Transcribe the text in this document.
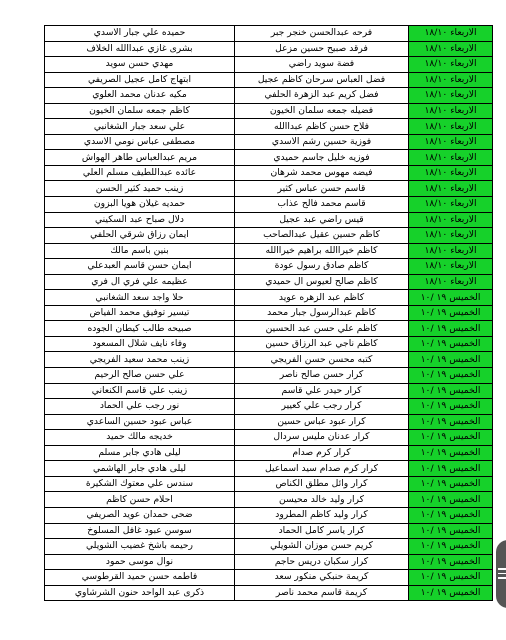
حميده علي جبار الاسدي	فرحه عبدالحسن خنجر جبر	الاربعاء ١٨/١٠
بشرى غازي عبداالله الخلاف	فرقد صبيح حسين مزعل	الاربعاء ١٨/١٠
مهدي حسن سويد	فضة سويد راضي	الاربعاء ١٨/١٠
ابتهاج كامل عجيل الصريفي	فضل العباس سرحان كاظم عجيل	الاربعاء ١٨/١٠
مكيه عدنان محمد العلوي	فضل كريم عبد الزهرة الحلفي	الاربعاء ١٨/١٠
كاظم جمعه سلمان الخيون	فضيله جمعه سلمان الخيون	الاربعاء ١٨/١٠
علي سعد جبار الشغانبي	فلاح حسن كاظم عبداالله	الاربعاء ١٨/١٠
مصطفى عباس نومي الاسدي	فوزية حسين رشم الاسدي	الاربعاء ١٨/١٠
مريم عبدالعباس طاهر الهواش	فوزيه خليل جاسم حميدي	الاربعاء ١٨/١٠
عائده عبداللطيف مسلم العلي	فيضه مهوس محمد شرهان	الاربعاء ١٨/١٠
زينب حميد كثير الحسن	قاسم حسن عباس كثير	الاربعاء ١٨/١٠
حمديه غيلان هويا البزون	قاسم محمد فالح عذاب	الاربعاء ١٨/١٠
دلال صباح عبد السكيني	قيس راضي عبد عجيل	الاربعاء ١٨/١٠
ايمان رزاق شرقي الحلفي	كاظم حسين عقيل عبدالصاحب	الاربعاء ١٨/١٠
بنين باسم مالك	كاظم خيراالله براهيم خيراالله	الاربعاء ١٨/١٠
ايمان حسن قاسم العبدعلي	كاظم صادق رسول عودة	الاربعاء ١٨/١٠
عظيمه علي فري ال فري	كاظم صالح لعيوس ال حميدي	الاربعاء ١٨/١٠
حلا واجد سعد الشغانبي	كاظم عبد الزهره عويد	الخميس ١٩ /١٠
تيسير توفيق محمد الفياض	كاظم عبدالرسول جبار محمد	الخميس ١٩ /١٠
صبيحه طالب كيطان الجوده	كاظم علي حسن عبد الحسين	الخميس ١٩ /١٠
وفاء نايف شلال المسعود	كاظم ناجي عبد الرزاق حسين	الخميس ١٩ /١٠
زينب محمد سعيد الفريجي	كتبه محسن حسن الفريجي	الخميس ١٩ /١٠
علي حسن صالح الرحيم	كرار حسن صالح ناصر	الخميس ١٩ /١٠
زينب علي قاسم الكنعاني	كرار حيدر علي قاسم	الخميس ١٩ /١٠
نور رجب علي الحماد	كرار رجب علي كعيير	الخميس ١٩ /١٠
عباس عبود حسين الساعدي	كرار عبود عباس حسين	الخميس ١٩ /١٠
خديجه مالك حميد	كرار عدنان مليس سردال	الخميس ١٩ /١٠
ليلى هادي جابر مسلم	كرار كرم صدام	الخميس ١٩ /١٠
ليلى هادي جابر الهاشمي	كرار كرم صدام سيد اسماعيل	الخميس ١٩ /١٠
سندس علي معتوك الشكيرة	كرار وائل مطلق الكناص	الخميس ١٩ /١٠
احلام حسن كاظم	كرار وليد خالد محيسن	الخميس ١٩ /١٠
ضحى حمدان عويد الصريفي	كرار وليد كاظم المطرود	الخميس ١٩ /١٠
سوسن عبود غافل المسلوخ	كرار ياسر كامل الحماد	الخميس ١٩ /١٠
رحيمه باشخ غضيب الشويلي	كريم حسن موزان الشويلي	الخميس ١٩ /١٠
نوال موسى حمود	كرار سكبان دريس حاجم	الخميس ١٩ /١٠
فاطمه حسن حميد القرطوسي	كريمة حنبكي منكور سعد	الخميس ١٩ /١٠
ذكرى عبد الواحد حنون الشرشاوي	كريمة قاسم محمد ناصر	الخميس ١٩ /١٠
